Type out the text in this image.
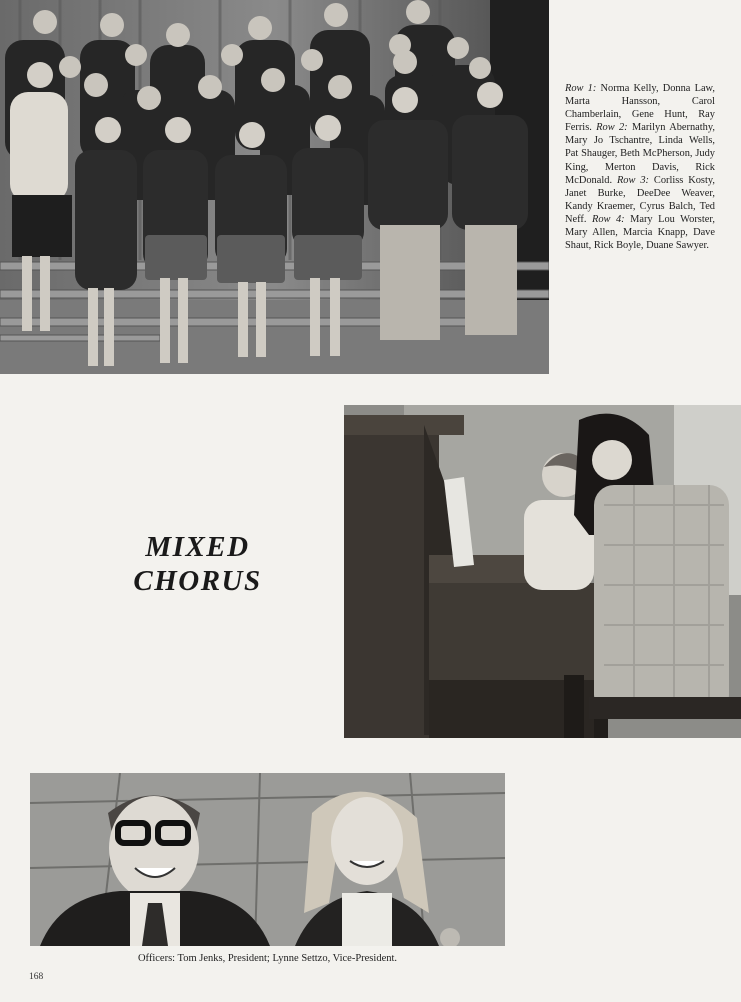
Row 1: Norma Kelly, Donna Law, Marta Hansson, Carol Chamberlain, Gene Hunt, Ray Ferris. Row 2: Marilyn Abernathy, Mary Jo Tschantre, Linda Wells, Pat Shauger, Beth McPherson, Judy King, Merton Davis, Rick McDonald. Row 3: Corliss Kosty, Janet Burke, DeeDee Weaver, Kandy Kraemer, Cyrus Balch, Ted Neff. Row 4: Mary Lou Worster, Mary Allen, Marcia Knapp, Dave Shaut, Rick Boyle, Duane Sawyer.
MIXED
CHORUS
Officers: Tom Jenks, President; Lynne Settzo, Vice-President.
168
